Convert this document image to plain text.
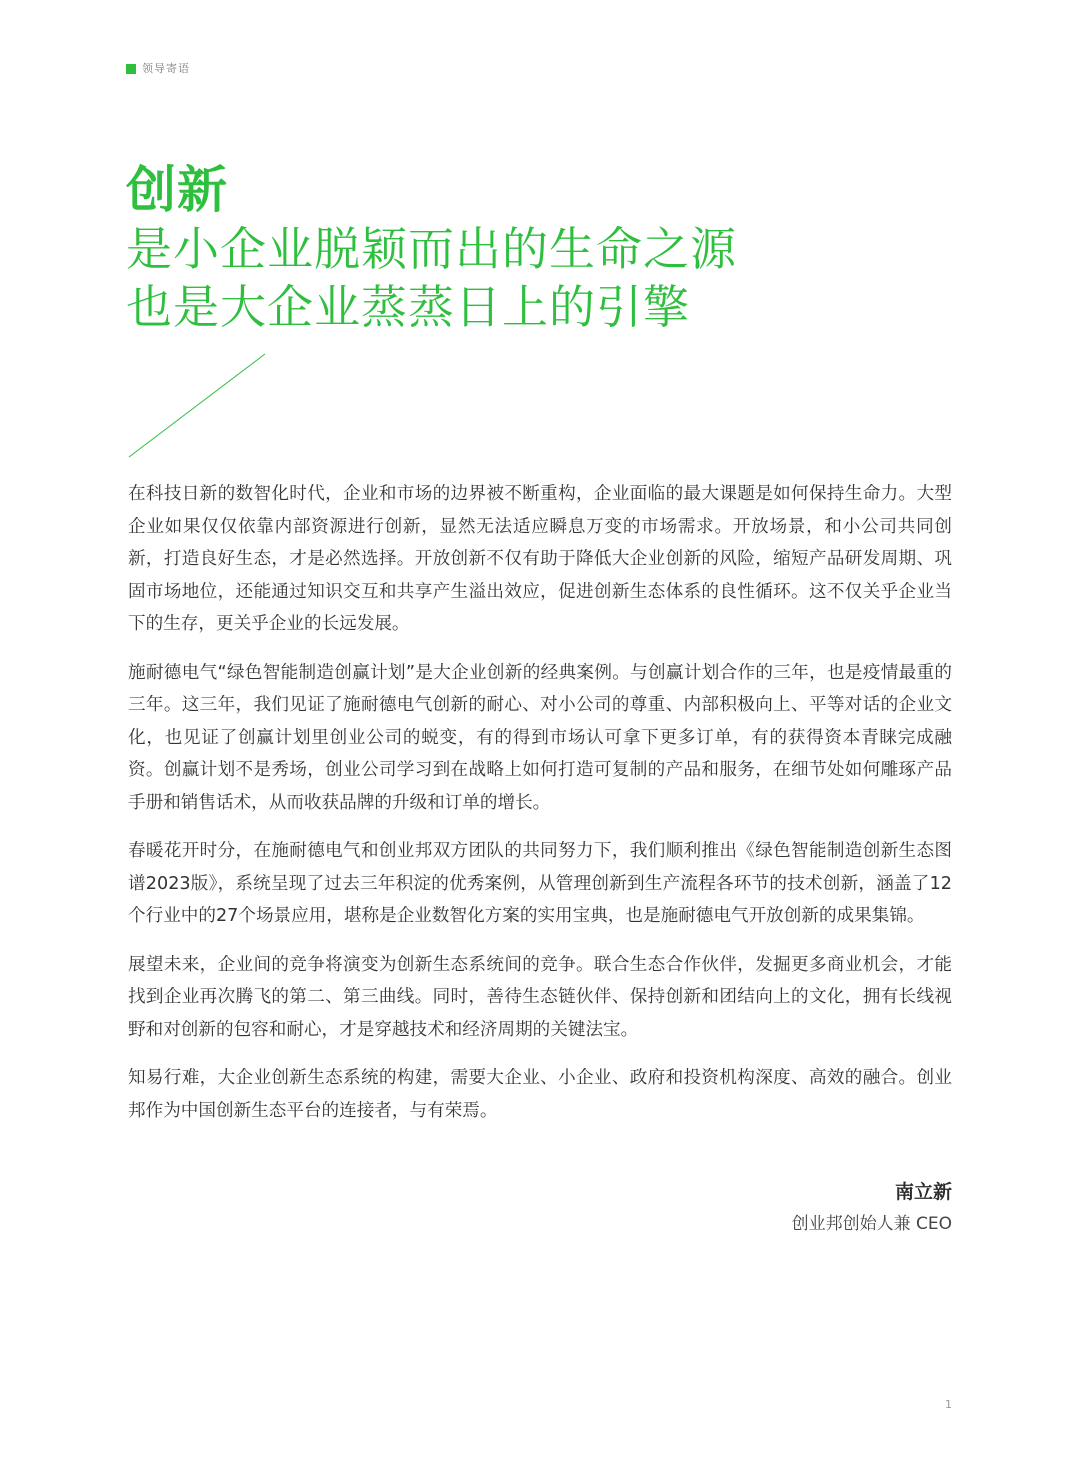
领导寄语
创新
是小企业脱颖而出的生命之源
也是大企业蒸蒸日上的引擎

在科技日新的数智化时代，企业和市场的边界被不断重构，企业面临的最大课题是如何保持生命力。大型企业如果仅仅依靠内部资源进行创新，显然无法适应瞬息万变的市场需求。开放场景，和小公司共同创新，打造良好生态，才是必然选择。开放创新不仅有助于降低大企业创新的风险，缩短产品研发周期、巩固市场地位，还能通过知识交互和共享产生溢出效应，促进创新生态体系的良性循环。这不仅关乎企业当下的生存，更关乎企业的长远发展。

施耐德电气“绿色智能制造创赢计划”是大企业创新的经典案例。与创赢计划合作的三年，也是疫情最重的三年。这三年，我们见证了施耐德电气创新的耐心、对小公司的尊重、内部积极向上、平等对话的企业文化，也见证了创赢计划里创业公司的蜕变，有的得到市场认可拿下更多订单，有的获得资本青睐完成融资。创赢计划不是秀场，创业公司学习到在战略上如何打造可复制的产品和服务，在细节处如何雕琢产品手册和销售话术，从而收获品牌的升级和订单的增长。

春暖花开时分，在施耐德电气和创业邦双方团队的共同努力下，我们顺利推出《绿色智能制造创新生态图谱2023版》，系统呈现了过去三年积淀的优秀案例，从管理创新到生产流程各环节的技术创新，涵盖了12个行业中的27个场景应用，堪称是企业数智化方案的实用宝典，也是施耐德电气开放创新的成果集锦。

展望未来，企业间的竞争将演变为创新生态系统间的竞争。联合生态合作伙伴，发掘更多商业机会，才能找到企业再次腾飞的第二、第三曲线。同时，善待生态链伙伴、保持创新和团结向上的文化，拥有长线视野和对创新的包容和耐心，才是穿越技术和经济周期的关键法宝。

知易行难，大企业创新生态系统的构建，需要大企业、小企业、政府和投资机构深度、高效的融合。创业邦作为中国创新生态平台的连接者，与有荣焉。

南立新
创业邦创始人兼 CEO
1
